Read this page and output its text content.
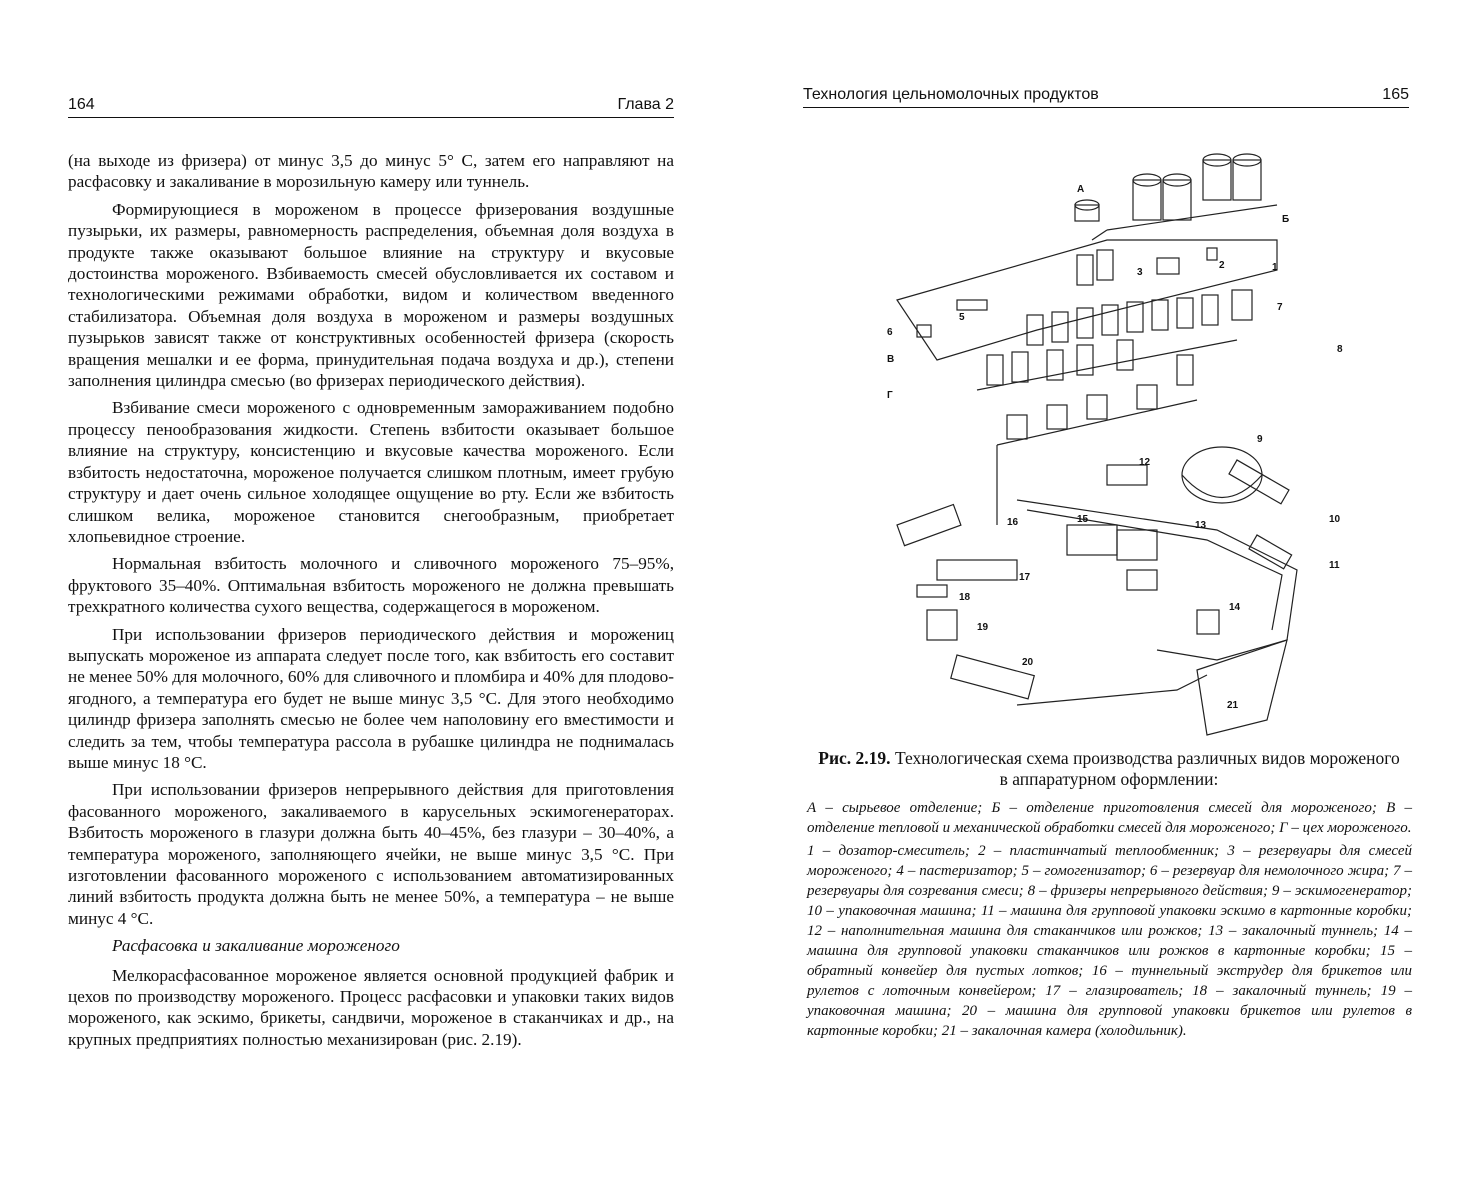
164	Глава 2

(на выходе из фризера) от минус 3,5 до минус 5° С, затем его направляют на расфасовку и закаливание в морозильную камеру или туннель.

Формирующиеся в мороженом в процессе фризерования воздушные пузырьки, их размеры, равномерность распределения, объемная доля воздуха в продукте также оказывают большое влияние на структуру и вкусовые достоинства мороженого. Взбиваемость смесей обусловливается их составом и технологическими режимами обработки, видом и количеством введенного стабилизатора. Объемная доля воздуха в мороженом и размеры воздушных пузырьков зависят также от конструктивных особенностей фризера (скорость вращения мешалки и ее форма, принудительная подача воздуха и др.), степени заполнения цилиндра смесью (во фризерах периодического действия).

Взбивание смеси мороженого с одновременным замораживанием подобно процессу пенообразования жидкости. Степень взбитости оказывает большое влияние на структуру, консистенцию и вкусовые качества мороженого. Если взбитость недостаточна, мороженое получается слишком плотным, имеет грубую структуру и дает очень сильное холодящее ощущение во рту. Если же взбитость слишком велика, мороженое становится снегообразным, приобретает хлопьевидное строение.

Нормальная взбитость молочного и сливочного мороженого 75–95%, фруктового 35–40%. Оптимальная взбитость мороженого не должна превышать трехкратного количества сухого вещества, содержащегося в мороженом.

При использовании фризеров периодического действия и морожениц выпускать мороженое из аппарата следует после того, как взбитость его составит не менее 50% для молочного, 60% для сливочного и пломбира и 40% для плодово-ягодного, а температура его будет не выше минус 3,5 °С. Для этого необходимо цилиндр фризера заполнять смесью не более чем наполовину его вместимости и следить за тем, чтобы температура рассола в рубашке цилиндра не поднималась выше минус 18 °С.

При использовании фризеров непрерывного действия для приготовления фасованного мороженого, закаливаемого в карусельных эскимогенераторах. Взбитость мороженого в глазури должна быть 40–45%, без глазури – 30–40%, а температура мороженого, заполняющего ячейки, не выше минус 3,5 °С. При изготовлении фасованного мороженого с использованием автоматизированных линий взбитость продукта должна быть не менее 50%, а температура – не выше минус 4 °С.

Расфасовка и закаливание мороженого

Мелкорасфасованное мороженое является основной продукцией фабрик и цехов по производству мороженого. Процесс расфасовки и упаковки таких видов мороженого, как эскимо, брикеты, сандвичи, мороженое в стаканчиках и др., на крупных предприятиях полностью механизирован (рис. 2.19).

Технология цельномолочных продуктов	165
А
Б
В
Г
1
2
3
5
6
7
8
9
10
11
12
13
14
15
16
17
18
19
20
21
Рис. 2.19. Технологическая схема производства различных видов мороженого в аппаратурном оформлении:

А – сырьевое отделение; Б – отделение приготовления смесей для мороженого; В – отделение тепловой и механической обработки смесей для мороженого; Г – цех мороженого.

1 – дозатор-смеситель; 2 – пластинчатый теплообменник; 3 – резервуары для смесей мороженого; 4 – пастеризатор; 5 – гомогенизатор; 6 – резервуар для немолочного жира; 7 – резервуары для созревания смеси; 8 – фризеры непрерывного действия; 9 – эскимогенератор; 10 – упаковочная машина; 11 – машина для групповой упаковки эскимо в картонные коробки; 12 – наполнительная машина для стаканчиков или рожков; 13 – закалочный туннель; 14 – машина для групповой упаковки стаканчиков или рожков в картонные коробки; 15 – обратный конвейер для пустых лотков; 16 – туннельный экструдер для брикетов или рулетов с лоточным конвейером; 17 – глазирователь; 18 – закалочный туннель; 19 – упаковочная машина; 20 – машина для групповой упаковки брикетов или рулетов в картонные коробки; 21 – закалочная камера (холодильник).
